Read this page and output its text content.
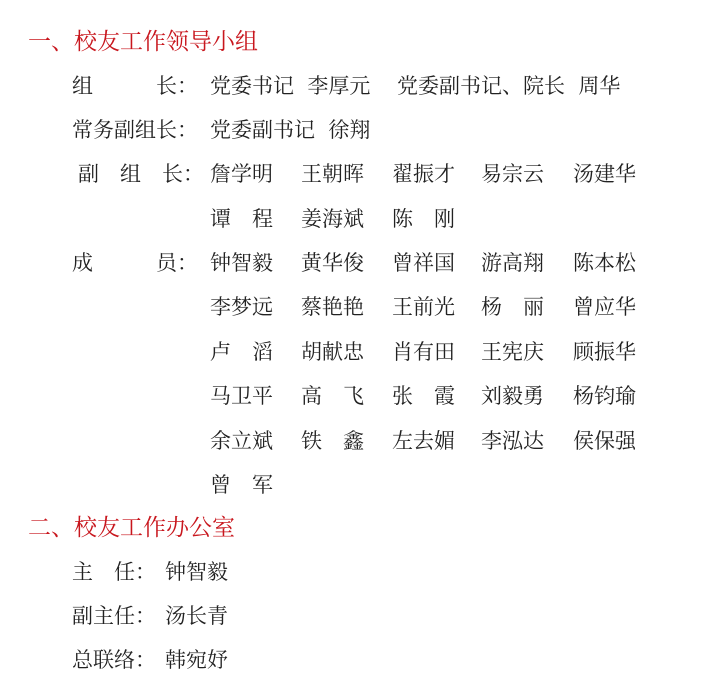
一、校友工作领导小组
组　　　长： 党委书记  李厚元    党委副书记、院长  周华
常务副组长： 党委副书记  徐翔
副　组　长： 詹学明 王朝晖 翟振才 易宗云 汤建华
谭　程 姜海斌 陈　刚
成　　　员： 钟智毅 黄华俊 曾祥国 游高翔 陈本松
李梦远 蔡艳艳 王前光 杨　丽 曾应华
卢　滔 胡献忠 肖有田 王宪庆 顾振华
马卫平 高　飞 张　霞 刘毅勇 杨钧瑜
余立斌 铁　鑫 左去媚 李泓达 侯保强
曾　军
二、校友工作办公室
主　任： 钟智毅
副主任： 汤长青
总联络： 韩宛妤
